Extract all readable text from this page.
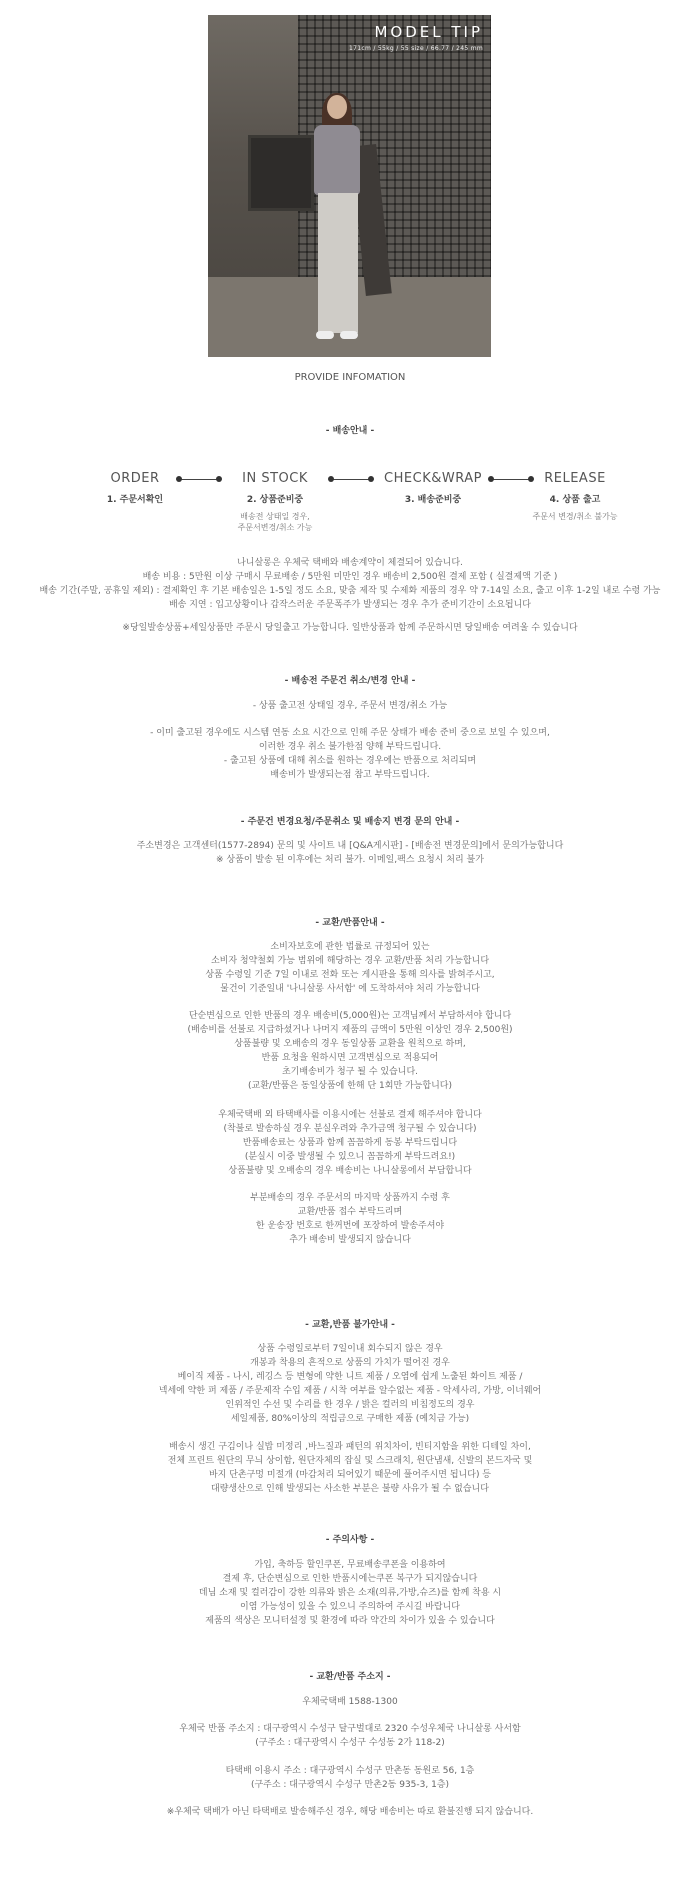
MODEL TIP
171cm / 55kg / 55 size / 66.77 / 245 mm
PROVIDE INFOMATION
- 배송안내 -
ORDER
1. 주문서확인
IN STOCK
2. 상품준비중
배송전 상태일 경우,
주문서변경/취소 가능
CHECK&WRAP
3. 배송준비중
RELEASE
4. 상품 출고
주문서 변경/취소 불가능
나니살롱은 우체국 택배와 배송계약이 체결되어 있습니다.
배송 비용 : 5만원 이상 구매시 무료배송 / 5만원 미만인 경우 배송비 2,500원 결제 포함 ( 실결제액 기준 )
배송 기간(주말, 공휴일 제외) : 결제확인 후 기본 배송일은 1-5일 정도 소요, 맞춤 제작 및 수제화 제품의 경우 약 7-14일 소요, 출고 이후 1-2일 내로 수령 가능
배송 지연 : 입고상황이나 갑작스러운 주문폭주가 발생되는 경우 추가 준비기간이 소요됩니다
※당일발송상품+세일상품만 주문시 당일출고 가능합니다. 일반상품과 함께 주문하시면 당일배송 여려울 수 있습니다
- 배송전 주문건 취소/변경 안내 -
- 상품 출고전 상태일 경우, 주문서 변경/취소 가능
- 이미 출고된 경우에도 시스템 연동 소요 시간으로 인해 주문 상태가 배송 준비 중으로 보일 수 있으며,
이러한 경우 취소 불가한점 양해 부탁드립니다.
- 출고된 상품에 대해 취소를 원하는 경우에는 반품으로 처리되며
배송비가 발생되는점 참고 부탁드립니다.
- 주문건 변경요청/주문취소 및 배송지 변경 문의 안내 -
주소변경은 고객센터(1577-2894) 문의 및 사이트 내 [Q&A게시판] - [배송전 변경문의]에서 문의가능합니다
※ 상품이 발송 된 이후에는 처리 불가. 이메일,팩스 요청시 처리 불가
- 교환/반품안내 -
소비자보호에 관한 법률로 규정되어 있는
소비자 청약철회 가능 범위에 해당하는 경우 교환/반품 처리 가능합니다
상품 수령일 기준 7일 이내로 전화 또는 게시판을 통해 의사를 밝혀주시고,
물건이 기준일내 '나니살롱 사서함' 에 도착하셔야 처리 가능합니다
단순변심으로 인한 반품의 경우 배송비(5,000원)는 고객님께서 부담하셔야 합니다
(배송비를 선불로 지급하셨거나 나머지 제품의 금액이 5만원 이상인 경우 2,500원)
상품불량 및 오배송의 경우 동일상품 교환을 원칙으로 하며,
반품 요청을 원하시면 고객변심으로 적용되어
초기배송비가 청구 될 수 있습니다.
(교환/반품은 동일상품에 한해 단 1회만 가능합니다)
우체국택배 외 타택배사를 이용시에는 선불로 결제 해주셔야 합니다
(착불로 발송하실 경우 분실우려와 추가금액 청구될 수 있습니다)
반품배송료는 상품과 함께 꼼꼼하게 동봉 부탁드립니다
(분실시 이중 발생될 수 있으니 꼼꼼하게 부탁드려요!)
상품불량 및 오배송의 경우 배송비는 나니살롱에서 부담합니다
부분배송의 경우 주문서의 마지막 상품까지 수령 후
교환/반품 접수 부탁드리며
한 운송장 번호로 한꺼번에 포장하여 발송주셔야
추가 배송비 발생되지 않습니다
- 교환,반품 불가안내 -
상품 수령일로부터 7일이내 회수되지 않은 경우
개봉과 착용의 흔적으로 상품의 가치가 떨어진 경우
베이직 제품 - 나시, 레깅스 등 변형에 약한 니트 제품 / 오염에 쉽게 노출된 화이트 제품 /
넥세에 약한 퍼 제품 / 주문제작 수입 제품 / 시착 여부를 알수없는 제품 - 악세사리, 가방, 이너웨어
인위적인 수선 및 수리를 한 경우 / 밝은 컬러의 비침정도의 경우
세일제품, 80%이상의 적립금으로 구매한 제품 (예치금 가능)
배송시 생긴 구김이나 실밥 미정리 ,바느질과 패턴의 위치차이, 빈티지함을 위한 디테일 차이,
전체 프린트 원단의 무늬 상이함, 원단자체의 잡실 및 스크래치, 원단냄새, 신발의 본드자국 및
바지 단촌구멍 미절개 (마감처리 되어있기 때문에 풀어주시면 됩니다) 등
대량생산으로 인해 발생되는 사소한 부분은 불량 사유가 될 수 없습니다
- 주의사항 -
가입, 축하등 할인쿠폰, 무료배송쿠폰을 이용하여
결제 후, 단순변심으로 인한 반품시에는쿠폰 복구가 되지않습니다
데님 소재 및 컬러감이 강한 의류와 밝은 소재(의류,가방,슈즈)를 함께 착용 시
이염 가능성이 있을 수 있으니 주의하여 주시길 바랍니다
제품의 색상은 모니터설정 및 환경에 따라 약간의 차이가 있을 수 있습니다
- 교환/반품 주소지 -
우체국택배 1588-1300
우체국 반품 주소지 : 대구광역시 수성구 달구벌대로 2320 수성우체국 나니살롱 사서함
(구주소 : 대구광역시 수성구 수성동 2가 118-2)
타택배 이용시 주소 : 대구광역시 수성구 만촌동 동원로 56, 1층
(구주소 : 대구광역시 수성구 만촌2동 935-3, 1층)
※우체국 택배가 아닌 타택배로 발송해주신 경우, 해당 배송비는 따로 환불진행 되지 않습니다.
